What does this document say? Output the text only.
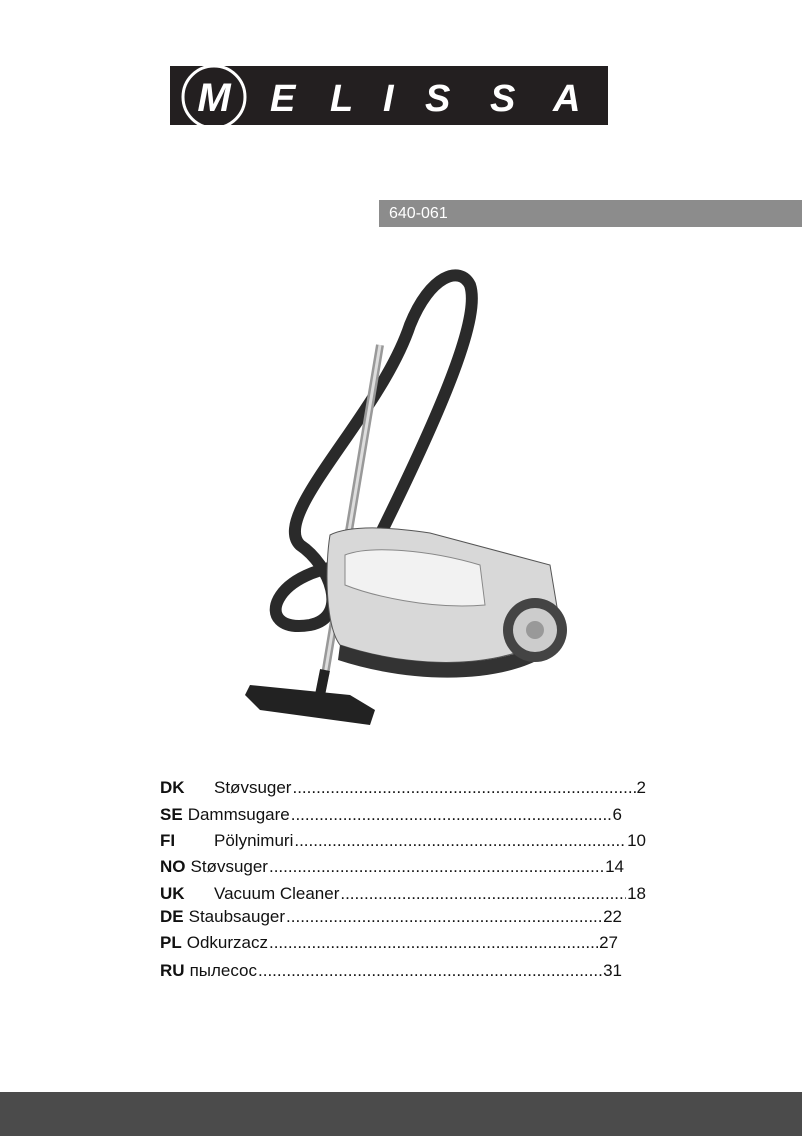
M E L I S S A
640-061
DK	Støvsuger .....	2
SE Dammsugare .....	6
FI	Pölynimuri .....	10
NO Støvsuger .....	14
UK	Vacuum Cleaner .....	18
DE Staubsauger .....	22
PL Odkurzacz .....	27
RU пылесос .....	31
